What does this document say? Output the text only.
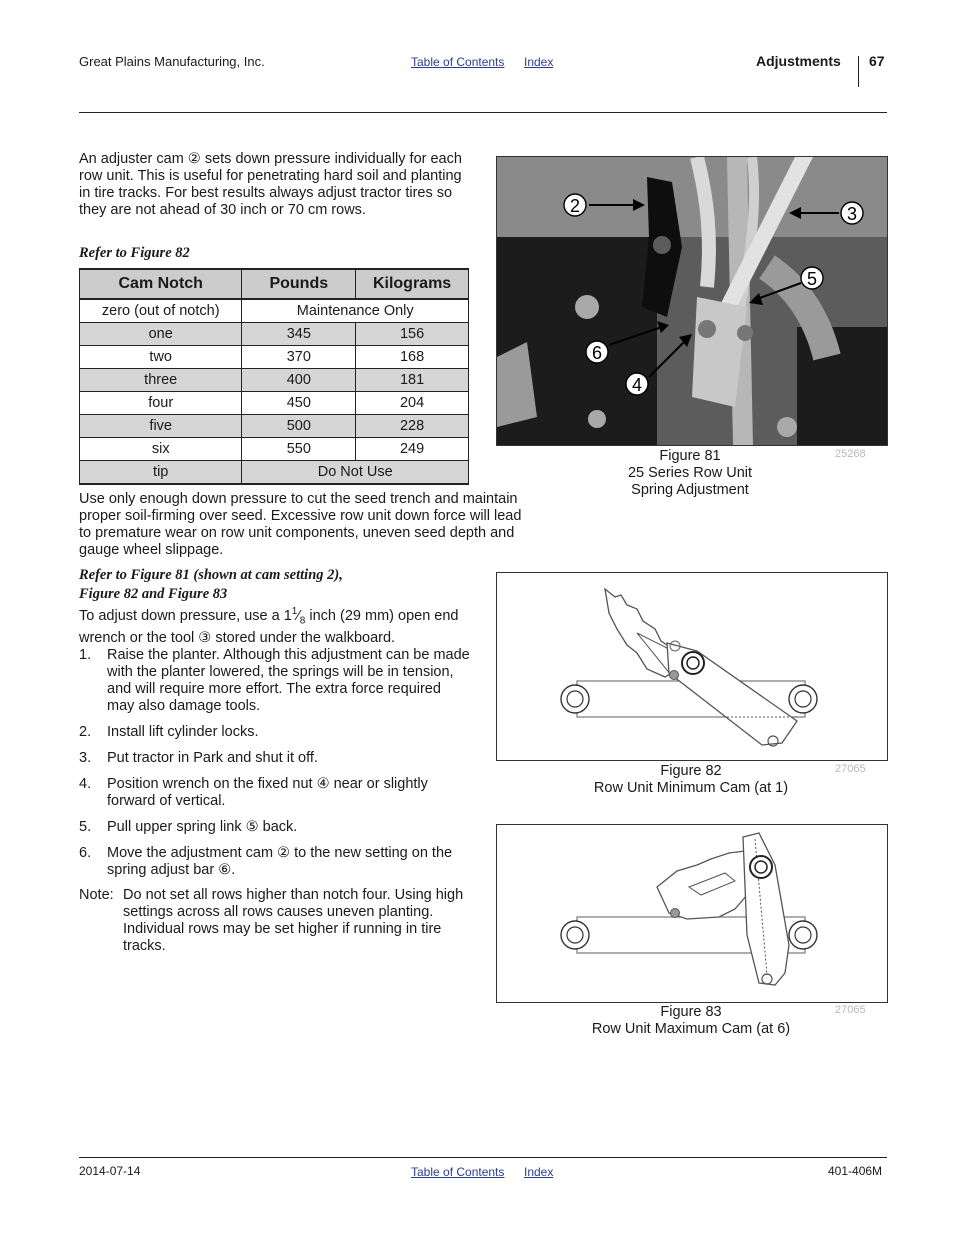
Great Plains Manufacturing, Inc.	Table of Contents Index	Adjustments 67
An adjuster cam ② sets down pressure individually for each row unit. This is useful for penetrating hard soil and planting in tire tracks. For best results always adjust tractor tires so they are not ahead of 30 inch or 70 cm rows.
Refer to Figure 82
Cam Notch	Pounds	Kilograms
zero (out of notch)	Maintenance Only	
one	345	156
two	370	168
three	400	181
four	450	204
five	500	228
six	550	249
tip	Do Not Use	
Use only enough down pressure to cut the seed trench and maintain proper soil-firming over seed. Excessive row unit down force will lead to premature wear on row unit components, uneven seed depth and gauge wheel slippage.
Refer to Figure 81 (shown at cam setting 2),
Figure 82 and Figure 83
To adjust down pressure, use a $1^1⁄_8$ inch (29 mm) open end wrench or the tool ③ stored under the walkboard.
1. Raise the planter. Although this adjustment can be made with the planter lowered, the springs will be in tension, and will require more effort. The extra force required may also damage tools.
2. Install lift cylinder locks.
3. Put tractor in Park and shut it off.
4. Position wrench on the fixed nut ④ near or slightly forward of vertical.
5. Pull upper spring link ⑤ back.
6. Move the adjustment cam ② to the new setting on the spring adjust bar ⑥.
Note: Do not set all rows higher than notch four. Using high settings across all rows causes uneven planting. Individual rows may be set higher if running in tire tracks.
2	3
5
6
4
Figure 81
25 Series Row Unit
Spring Adjustment
25268
Figure 82
Row Unit Minimum Cam (at 1)
27065
Figure 83
Row Unit Maximum Cam (at 6)
27065
2014-07-14	Table of Contents Index	401-406M
